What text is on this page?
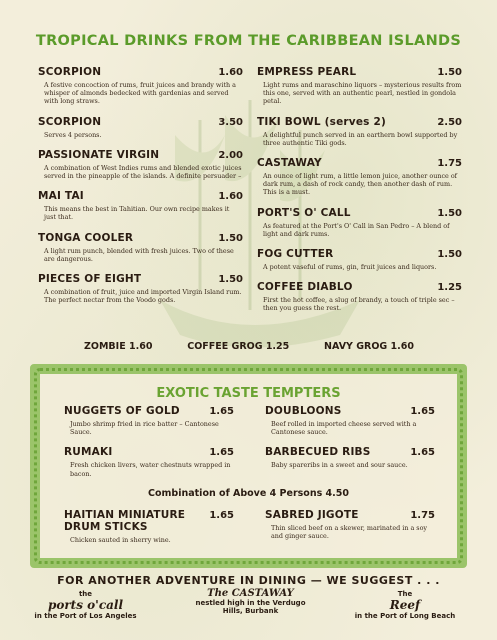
TROPICAL DRINKS FROM THE CARIBBEAN ISLANDS
SCORPION	1.60
A festive concoction of rums, fruit juices and brandy with a whisper of almonds bedecked with gardenias and served with long straws.
SCORPION	3.50
Serves 4 persons.
PASSIONATE VIRGIN	2.00
A combination of West Indies rums and blended exotic juices served in the pineapple of the islands. A definite persuader –
MAI TAI	1.60
This means the best in Tahitian. Our own recipe makes it just that.
TONGA COOLER	1.50
A light rum punch, blended with fresh juices. Two of these are dangerous.
PIECES OF EIGHT	1.50
A combination of fruit, juice and imported Virgin Island rum. The perfect nectar from the Voodo gods.
EMPRESS PEARL	1.50
Light rums and maraschino liquors – mysterious results from this one, served with an authentic pearl, nestled in gondola petal.
TIKI BOWL (serves 2)	2.50
A delightful punch served in an earthern bowl supported by three authentic Tiki gods.
CASTAWAY	1.75
An ounce of light rum, a little lemon juice, another ounce of dark rum, a dash of rock candy, then another dash of rum. This is a must.
PORT'S O' CALL	1.50
As featured at the Port's O' Call in San Pedro – A blend of light and dark rums.
FOG CUTTER	1.50
A potent vaseful of rums, gin, fruit juices and liquors.
COFFEE DIABLO	1.25
First the hot coffee, a slug of brandy, a touch of triple sec – then you guess the rest.
ZOMBIE 1.60	COFFEE GROG 1.25	NAVY GROG 1.60
EXOTIC TASTE TEMPTERS
NUGGETS OF GOLD	1.65
Jumbo shrimp fried in rice batter – Cantonese Sauce.
RUMAKI	1.65
Fresh chicken livers, water chestnuts wrapped in bacon.
DOUBLOONS	1.65
Beef rolled in imported cheese served with a Cantonese sauce.
BARBECUED RIBS	1.65
Baby spareribs in a sweet and sour sauce.
Combination of Above 4 Persons 4.50
HAITIAN MINIATURE DRUM STICKS
1.65
Chicken sauted in sherry wine.
SABRED JIGOTE	1.75
Thin sliced beef on a skewer, marinated in a soy and ginger sauce.
FOR ANOTHER ADVENTURE IN DINING — WE SUGGEST . . .
the
ports o'call
in the Port of Los Angeles
The CASTAWAY
nestled high in the Verdugo Hills, Burbank
The
Reef
in the Port of Long Beach
